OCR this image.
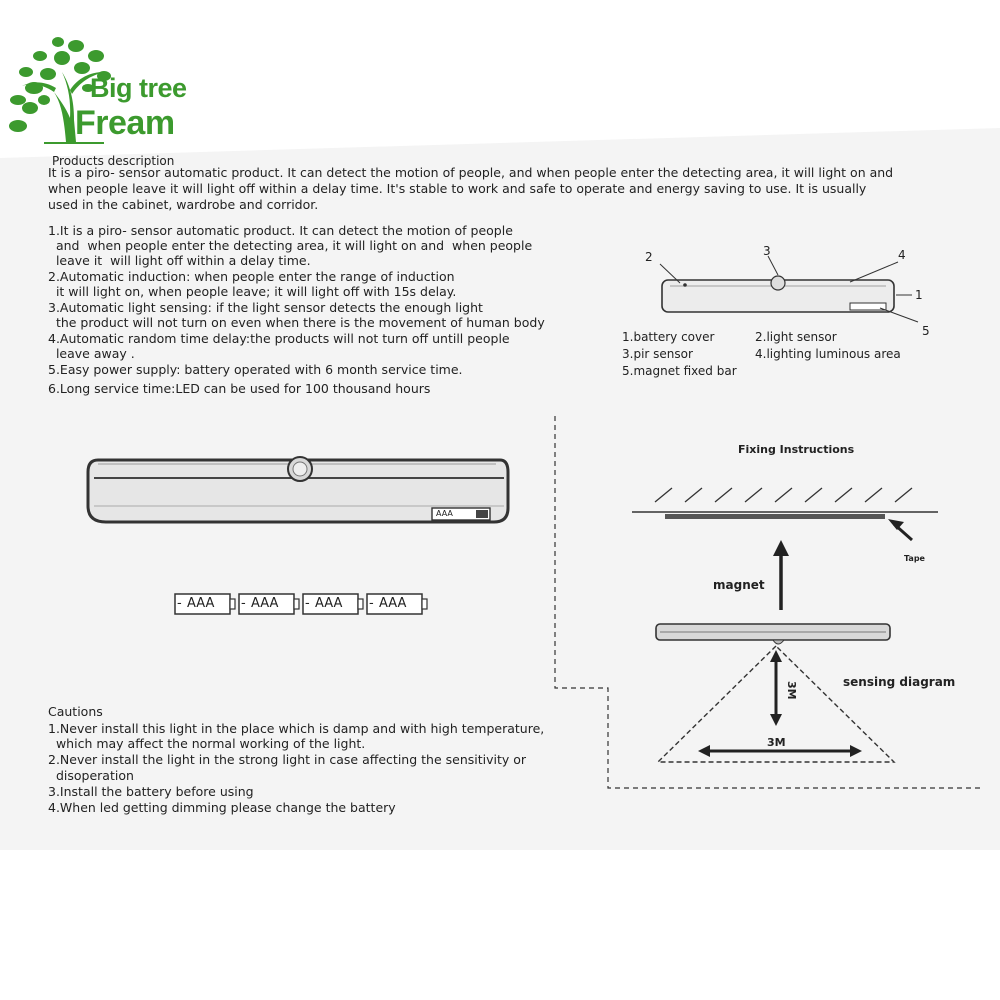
Big tree
Fream
Products description
It is a piro- sensor automatic product. It can detect the motion of people, and when people enter the detecting area, it will light on and
when people leave it will light off within a delay time. It's stable to work and safe to operate and energy saving to use. It is usually
used in the cabinet, wardrobe and corridor.
1.It is a piro- sensor automatic product. It can detect the motion of people
and  when people enter the detecting area, it will light on and  when people
leave it  will light off within a delay time.
2.Automatic induction: when people enter the range of induction
it will light on, when people leave; it will light off with 15s delay.
3.Automatic light sensing: if the light sensor detects the enough light
the product will not turn on even when there is the movement of human body
4.Automatic random time delay:the products will not turn off untill people
leave away .
5.Easy power supply: battery operated with 6 month service time.
6.Long service time:LED can be used for 100 thousand hours
2	3	4
1
5
1.battery cover	2.light sensor
3.pir sensor	4.lighting luminous area
5.magnet fixed bar
AAA
- AAA - AAA - AAA - AAA
Fixing Instructions
Tape
magnet
sensing diagram
3M
3M
Cautions
1.Never install this light in the place which is damp and with high temperature,
which may affect the normal working of the light.
2.Never install the light in the strong light in case affecting the sensitivity or
disoperation
3.Install the battery before using
4.When led getting dimming please change the battery
